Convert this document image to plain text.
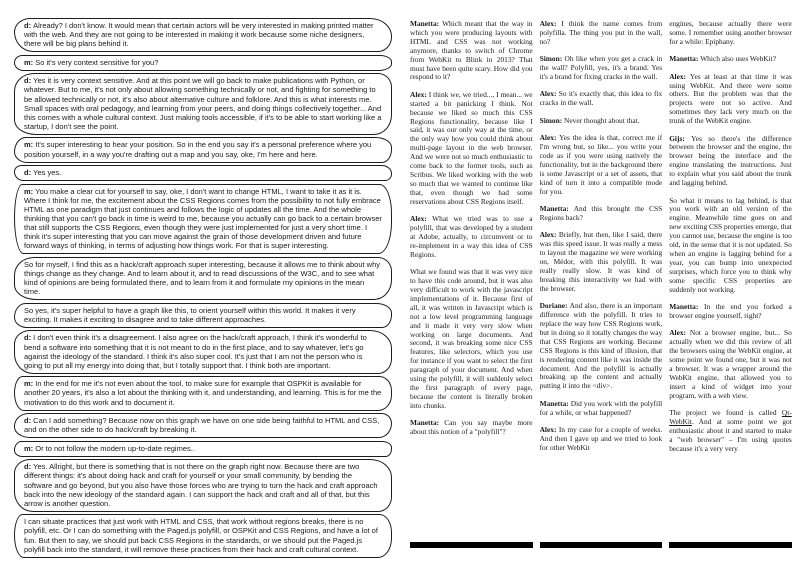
d: Already? I don't know. It would mean that certain actors will be very interested in making printed matter with the web. And they are not going to be interested in making it work because some niche designers, there will be big plans behind it.
m: So it's very context sensitive for you?
d: Yes it is very context sensitive. And at this point we will go back to make publications with Python, or whatever. But to me, it's not only about allowing something technically or not, and fighting for something to be allowed technically or not, it's also about alternative culture and folklore. And this is what interests me. Small spaces with oral pedagogy, and learning from your peers, and doing things collectively together... And this comes with a whole cultural context. Just making tools accessible, if it's to be able to start working like a startup, I don't see the point.
m: It's super interesting to hear your position. So in the end you say it's a personal preference where you position yourself, in a way you're drafting out a map and you say, oke, I'm here and here.
d: Yes yes.
m: You make a clear cut for yourself to say, oke, I don't want to change HTML, I want to take it as it is. Where I think for me, the excitement about the CSS Regions comes from the possibility to not fully embrace HTML as one paradigm that just continues and follows the logic of updates all the time. And the whole thinking that you can't go back in time is weird to me, because you actually can go back to a certain browser that still supports the CSS Regions, even though they were just implemented for just a very short time. I think it's super interesting that you can move against the grain of those development driven and future forward ways of thinking, in terms of adjusting how things work. For that is super interesting.
So for myself, I find this as a hack/craft approach super interesting, because it allows me to think about why things change as they change. And to learn about it, and to read discussions of the W3C, and to see what kind of opinions are being formulated there, and to learn from it and formulate my opinions in the mean time.
So yes, it's super helpful to have a graph like this, to orient yourself within this world. It makes it very exciting. It makes it exciting to disagree and to take different approaches.
d: I don't even think it's a disagreement. I also agree on the hack/craft approach, I think it's wonderful to bend a software into something that it is not meant to do in the first place, and to say whatever, let's go against the ideology of the standard. I think it's also super cool. It's just that I am not the person who is going to put all my energy into doing that, but I totally support that. I think both are important.
m: In the end for me it's not even about the tool, to make sure for example that OSPKit is available for another 20 years, it's also a lot about the thinking with it, and understanding, and learning. This is for me the motivation to do this work and to document it.
d: Can I add something? Because now on this graph we have on one side being faithful to HTML and CSS, and on the other side to do hack/craft by breaking it.
m: Or to not follow the modern up-to-date regimes..
d: Yes. Allright, but there is something that is not there on the graph right now. Because there are two different things: it's about doing hack and craft for yourself or your small community, by bending the software and go beyond, but you also have those forces who are trying to turn the hack and craft approach back into the new ideology of the standard again. I can support the hack and craft and all of that, but this arrow is another question.
I can situate practices that just work with HTML and CSS, that work without regions breaks, there is no polyfill, etc. Or I can do something with the Paged.js polyfill, or OSPKit and CSS Regions, and have a lot of fun. But then to say, we should put back CSS Regions in the standards, or we should put the Paged.js polyfill back into the standard, it will remove these practices from their hack and craft cultural context.

Manetta: Which meant that the way in which you were producing layouts with HTML and CSS was not working anymore, thanks to switch of Chrome from WebKit to Blink in 2013? That must have been quite scary. How did you respond to it?

Alex: I think we, we tried..., I mean... we started a bit panicking I think. Not because we liked so much this CSS Regions functionality, because like I said, it was our only way at the time, or the only way how you could think about multi-page layout in the web browser. And we were not so much enthusiastic to come back to the former tools, such as Scribus. We liked working with the web so much that we wanted to continue like that, even though we had some reservations about CSS Regions itself.

Alex: What we tried was to use a polyfill, that was developed by a student at Adobe, actually, to circumvent or to re-implement in a way this idea of CSS Regions.

What we found was that it was very nice to have this code around, but it was also very difficult to work with the javascript implementations of it. Because first of all, it was written in Javascript which is not a low level programming language and it made it very very slow when working on large documents. And second, it was breaking some nice CSS features, like selectors, which you use for instance if you want to select the first paragraph of your document. And when using the polyfill, it will suddenly select the first paragraph of every page, because the content is literally broken into chunks.

Manetta: Can you say maybe more about this notion of a "polyfill"?

Alex: I think the name comes from polyfilla. The thing you put in the wall, no?

Simon: Oh like when you get a crack in the wall? Polyfill, yes, it's a brand. Yes it's a brand for fixing cracks in the wall.

Alex: So it's exactly that, this idea to fix cracks in the wall.

Simon: Never thought about that.

Alex: Yes the idea is that, correct me if I'm wrong but, so like... you write your code as if you were using natively the functionality, but in the background there is some Javascript or a set of assets, that kind of turn it into a compatible mode for you.

Manetta: And this brought the CSS Regions back?

Alex: Briefly, but then, like I said, there was this speed issue. It was really a mess to layout the magazine we were working on, Médor, with this polyfill. It was really really slow. It was kind of breaking this interactivity we had with the browser.

Doriane: And also, there is an important difference with the polyfill. It tries to replace the way how CSS Regions work, but in doing so it totally changes the way that CSS Regions are working. Because CSS Regions is this kind of illusion, that is rendering content like it was inside the document. And the polyfill is actually breaking up the content and actually putting it into the <div>.

Manetta: Did you work with the polyfill for a while, or what happened?

Alex: In my case for a couple of weeks. And then I gave up and we tried to look for other WebKit

engines, because actually there were some. I remember using another browser for a while: Epiphany.

Manetta: Which also uses WebKit?

Alex: Yes at least at that time it was using WebKit. And there were some others. But the problem was that the projects were not so active. And sometimes they lack very much on the trunk of the WebKit engine.

Gijs: Yes so there's the difference between the browser and the engine, the browser being the interface and the engine translating the instructions. Just to explain what you said about the trunk and lagging behind.

So what it means to lag behind, is that you work with an old version of the engine. Meanwhile time goes on and new exciting CSS properties emerge, that you cannot use, because the engine is too old, in the sense that it is not updated. So when an engine is lagging behind for a year, you can bump into unexpected surprises, which force you to think why some specific CSS properties are suddenly not working.

Manetta: In the end you forked a browser engine yourself, right?

Alex: Not a browser engine, but... So actually when we did this review of all the browsers using the WebKit engine, at some point we found one, but it was not a browser. It was a wrapper around the WebKit engine, that allowed you to insert a kind of widget into your program, with a web view.

The project we found is called Qt-WebKit. And at some point we got enthusiastic about it and started to make a "web browser" – I'm using quotes because it's a very very
